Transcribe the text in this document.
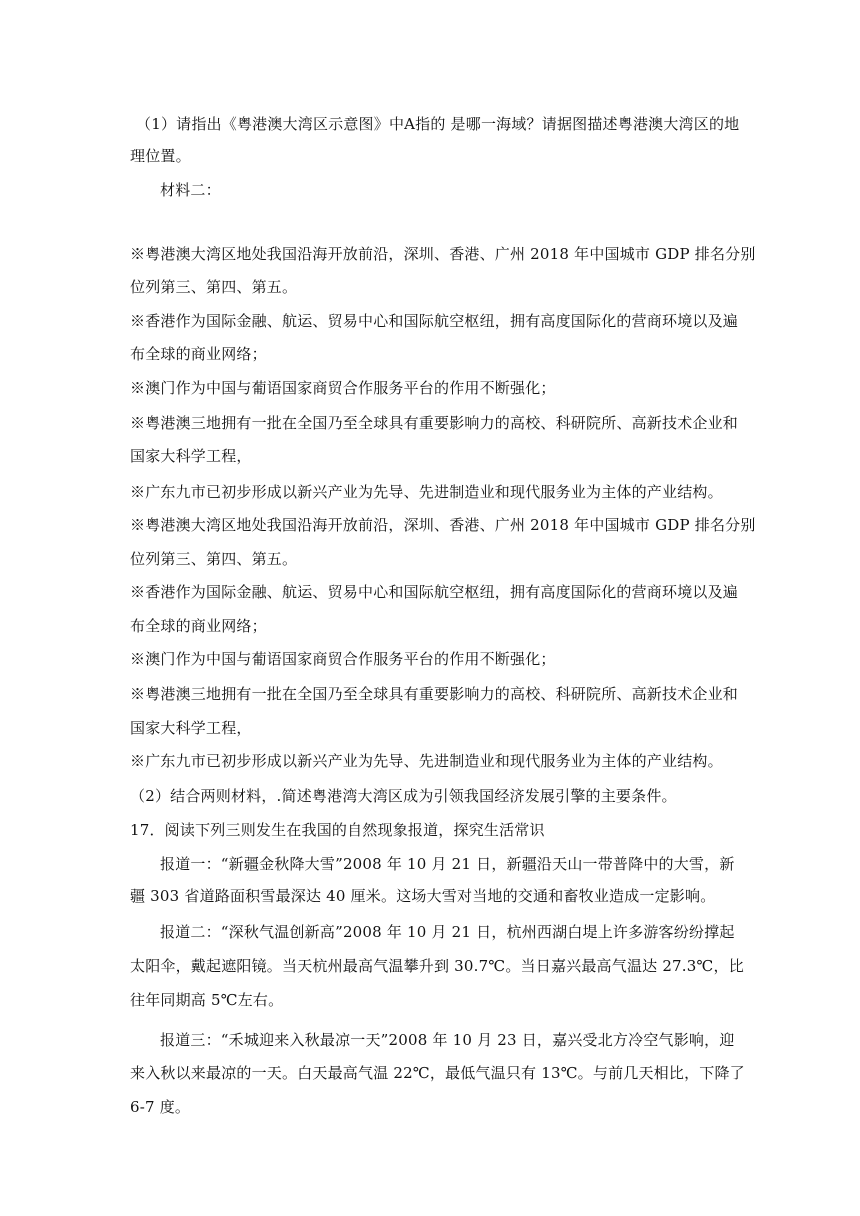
（1）请指出《粤港澳大湾区示意图》中A指的 是哪一海域？请据图描述粤港澳大湾区的地
理位置。
材料二：
※粤港澳大湾区地处我国沿海开放前沿，深圳、香港、广州 2018 年中国城市 GDP 排名分别
位列第三、第四、第五。
※香港作为国际金融、航运、贸易中心和国际航空枢纽，拥有高度国际化的营商环境以及遍
布全球的商业网络；
※澳门作为中国与葡语国家商贸合作服务平台的作用不断强化；
※粤港澳三地拥有一批在全国乃至全球具有重要影响力的高校、科研院所、高新技术企业和
国家大科学工程，
※广东九市已初步形成以新兴产业为先导、先进制造业和现代服务业为主体的产业结构。
※粤港澳大湾区地处我国沿海开放前沿，深圳、香港、广州 2018 年中国城市 GDP 排名分别
位列第三、第四、第五。
※香港作为国际金融、航运、贸易中心和国际航空枢纽，拥有高度国际化的营商环境以及遍
布全球的商业网络；
※澳门作为中国与葡语国家商贸合作服务平台的作用不断强化；
※粤港澳三地拥有一批在全国乃至全球具有重要影响力的高校、科研院所、高新技术企业和
国家大科学工程，
※广东九市已初步形成以新兴产业为先导、先进制造业和现代服务业为主体的产业结构。
（2）结合两则材料，.简述粤港湾大湾区成为引领我国经济发展引擎的主要条件。
17．阅读下列三则发生在我国的自然现象报道，探究生活常识
报道一：“新疆金秋降大雪”2008 年 10 月 21 日，新疆沿天山一带普降中的大雪，新
疆 303 省道路面积雪最深达 40 厘米。这场大雪对当地的交通和畜牧业造成一定影响。
报道二：“深秋气温创新高”2008 年 10 月 21 日，杭州西湖白堤上许多游客纷纷撑起
太阳伞，戴起遮阳镜。当天杭州最高气温攀升到 30.7℃。当日嘉兴最高气温达 27.3℃，比
往年同期高 5℃左右。
报道三：“禾城迎来入秋最凉一天”2008 年 10 月 23 日，嘉兴受北方冷空气影响，迎
来入秋以来最凉的一天。白天最高气温 22℃，最低气温只有 13℃。与前几天相比，下降了
6-7 度。
